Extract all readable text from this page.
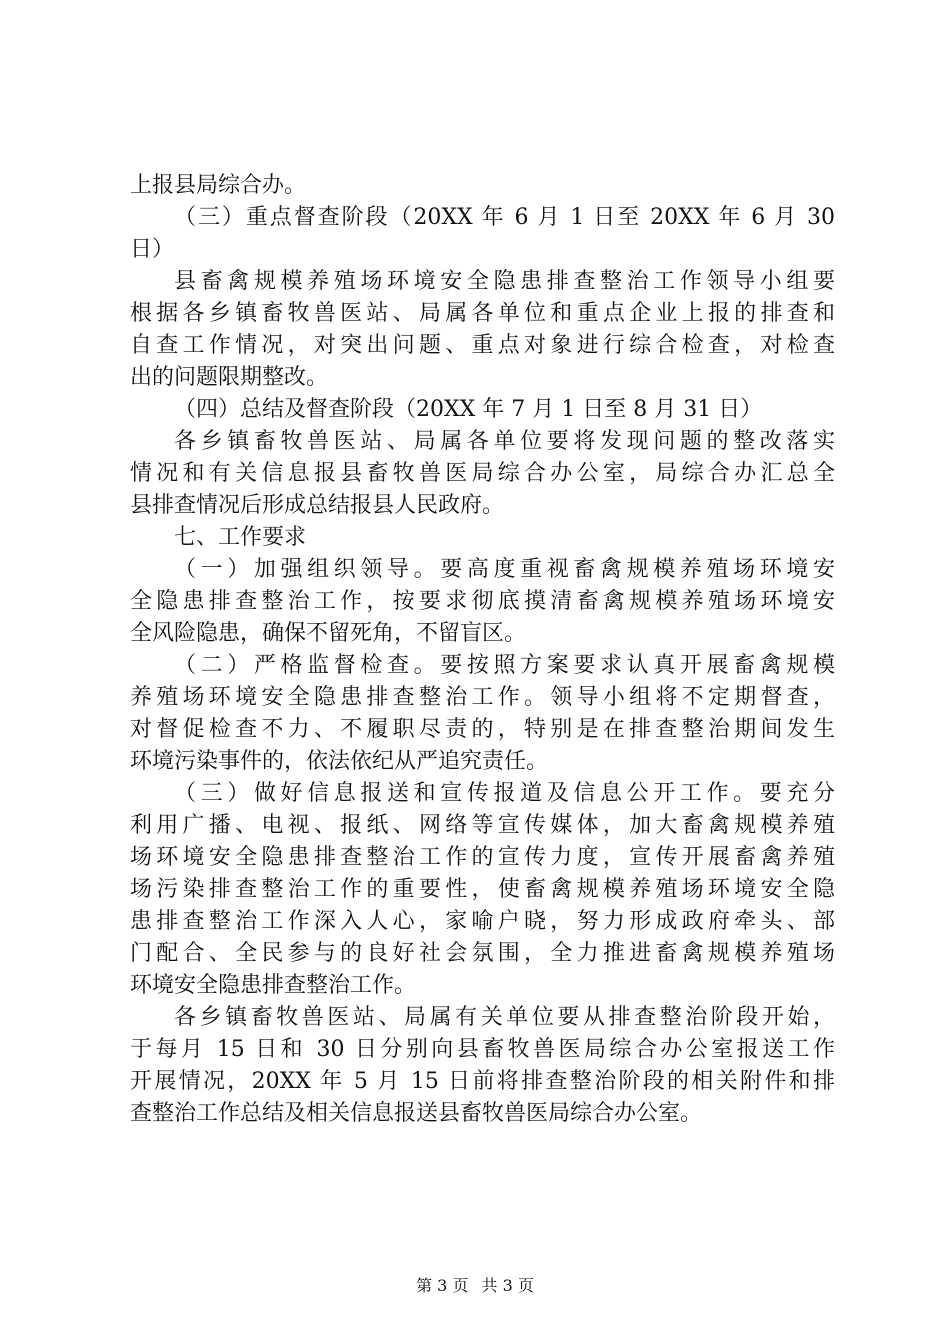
上报县局综合办。
（三）重点督查阶段（20XX 年 6 月 1 日至 20XX 年 6 月 30
日）
县畜禽规模养殖场环境安全隐患排查整治工作领导小组要
根据各乡镇畜牧兽医站、局属各单位和重点企业上报的排查和
自查工作情况，对突出问题、重点对象进行综合检查，对检查
出的问题限期整改。
（四）总结及督查阶段（20XX 年 7 月 1 日至 8 月 31 日）
各乡镇畜牧兽医站、局属各单位要将发现问题的整改落实
情况和有关信息报县畜牧兽医局综合办公室，局综合办汇总全
县排查情况后形成总结报县人民政府。
七、工作要求
（一）加强组织领导。要高度重视畜禽规模养殖场环境安
全隐患排查整治工作，按要求彻底摸清畜禽规模养殖场环境安
全风险隐患，确保不留死角，不留盲区。
（二）严格监督检查。要按照方案要求认真开展畜禽规模
养殖场环境安全隐患排查整治工作。领导小组将不定期督查，
对督促检查不力、不履职尽责的，特别是在排查整治期间发生
环境污染事件的，依法依纪从严追究责任。
（三）做好信息报送和宣传报道及信息公开工作。要充分
利用广播、电视、报纸、网络等宣传媒体，加大畜禽规模养殖
场环境安全隐患排查整治工作的宣传力度，宣传开展畜禽养殖
场污染排查整治工作的重要性，使畜禽规模养殖场环境安全隐
患排查整治工作深入人心，家喻户晓，努力形成政府牵头、部
门配合、全民参与的良好社会氛围，全力推进畜禽规模养殖场
环境安全隐患排查整治工作。
各乡镇畜牧兽医站、局属有关单位要从排查整治阶段开始，
于每月 15 日和 30 日分别向县畜牧兽医局综合办公室报送工作
开展情况，20XX 年 5 月 15 日前将排查整治阶段的相关附件和排
查整治工作总结及相关信息报送县畜牧兽医局综合办公室。
第 3 页 共 3 页
